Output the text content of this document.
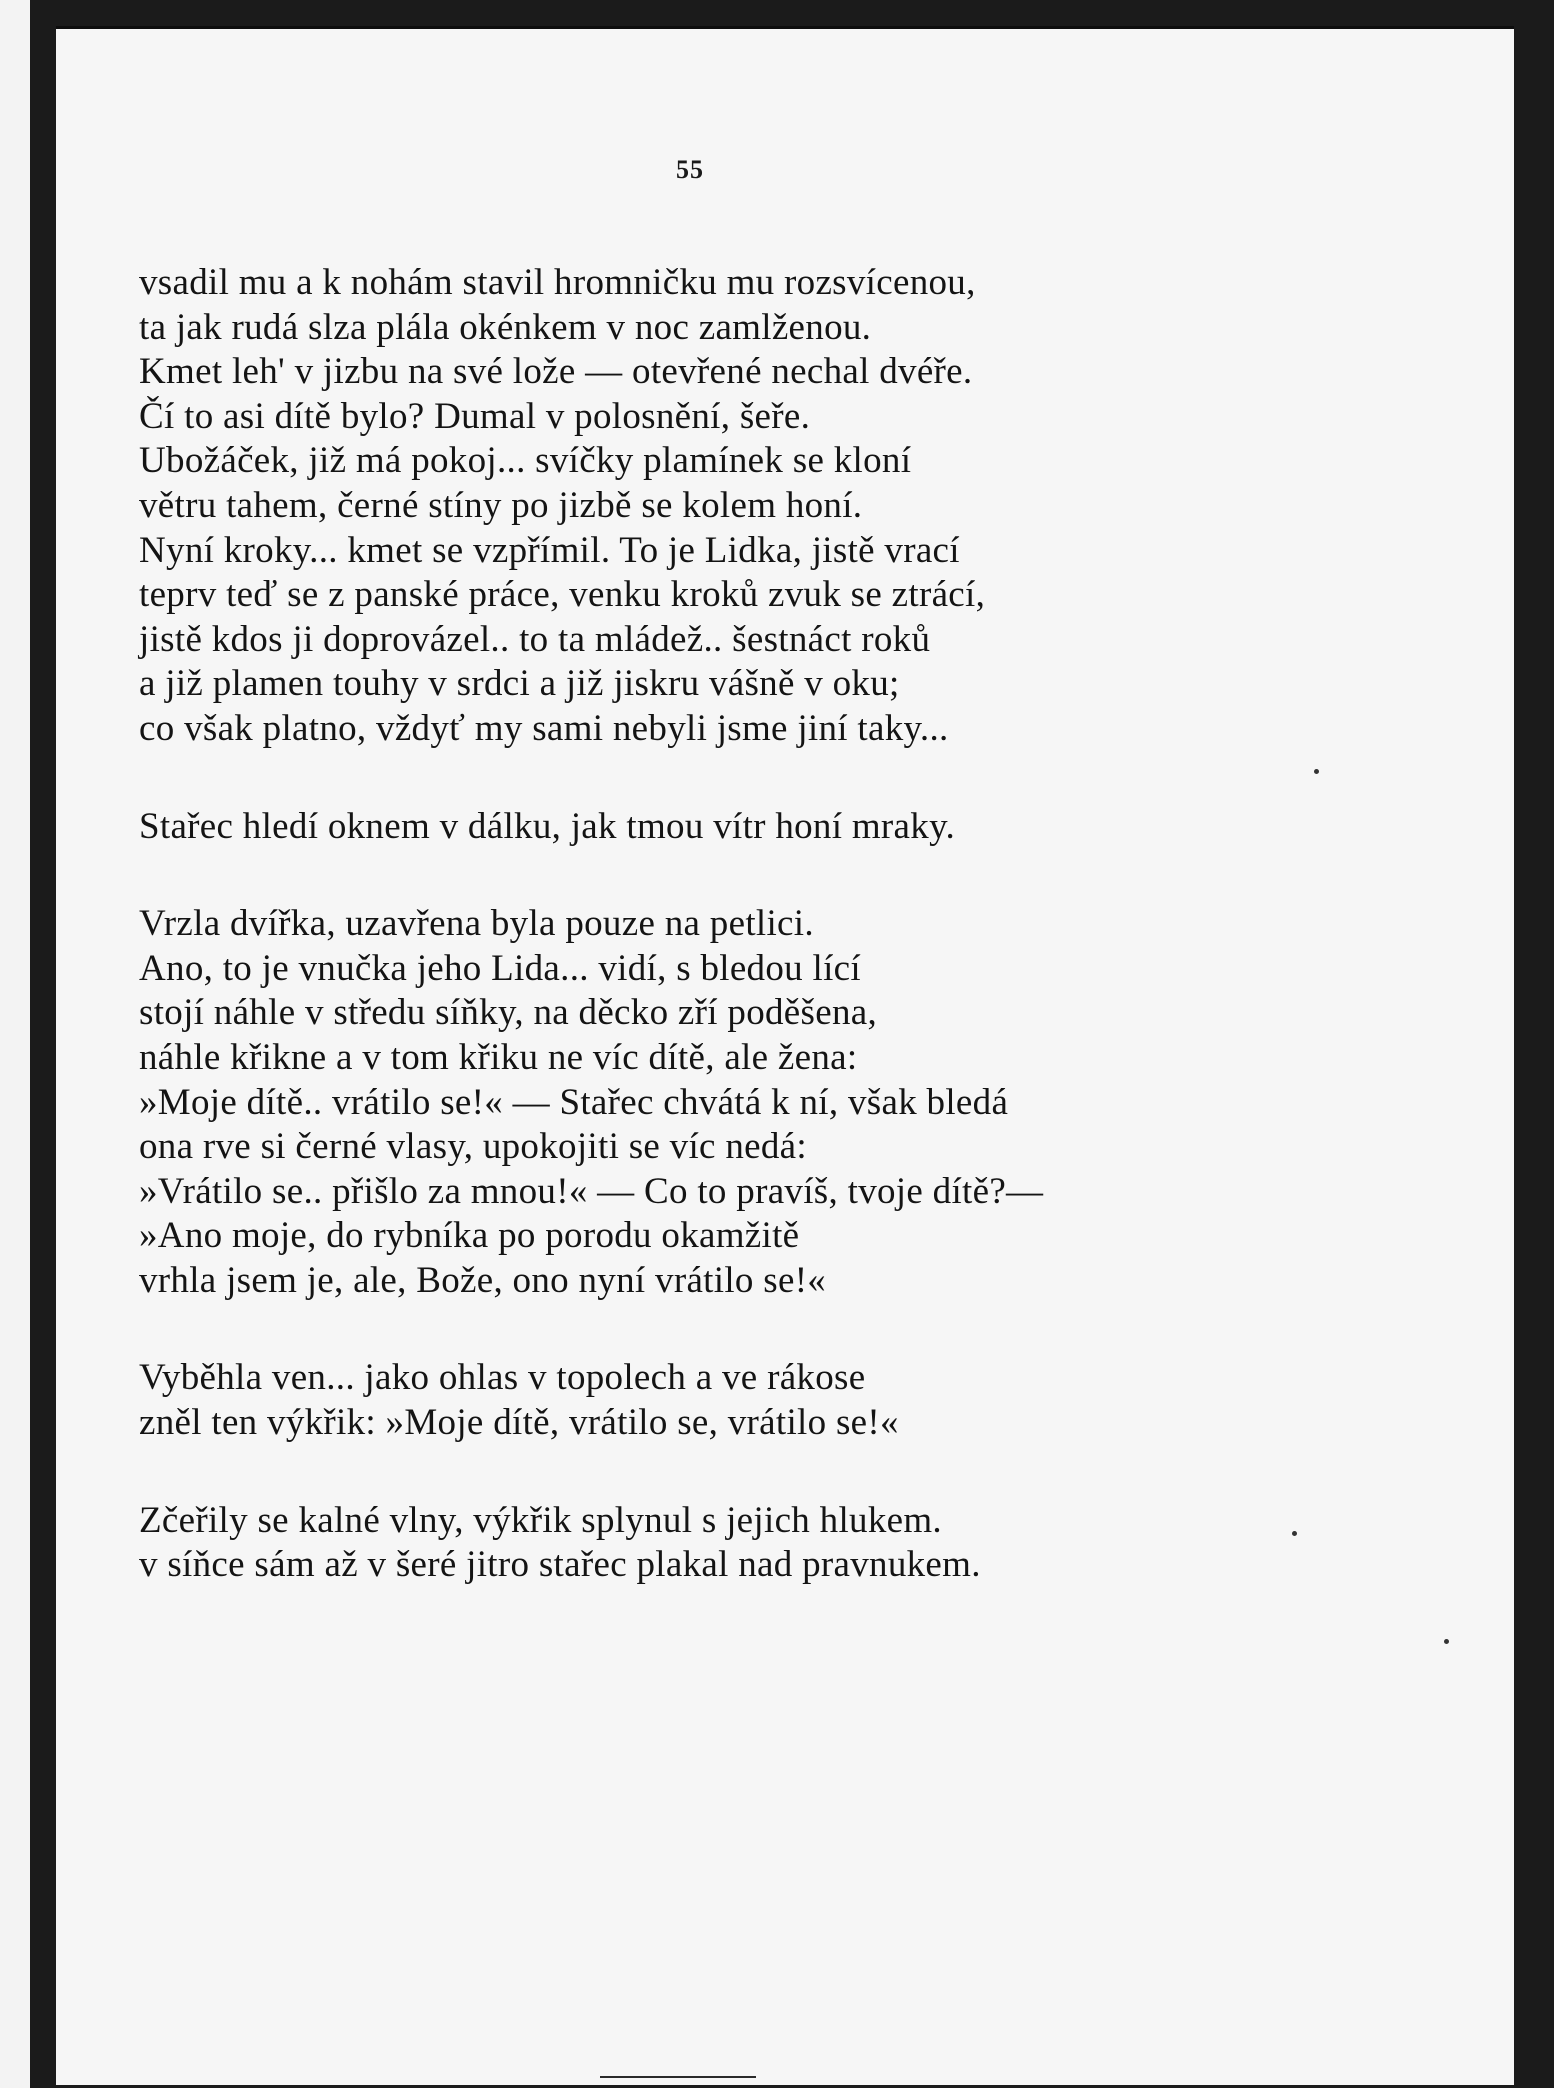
55
vsadil mu a k nohám stavil hromničku mu rozsvícenou,
ta jak rudá slza plála okénkem v noc zamlženou.
Kmet leh' v jizbu na své lože — otevřené nechal dvéře.
Čí to asi dítě bylo? Dumal v polosnění, šeře.
Ubožáček, již má pokoj... svíčky plamínek se kloní
větru tahem, černé stíny po jizbě se kolem honí.
Nyní kroky... kmet se vzpřímil. To je Lidka, jistě vrací
teprv teď se z panské práce, venku kroků zvuk se ztrácí,
jistě kdos ji doprovázel.. to ta mládež.. šestnáct roků
a již plamen touhy v srdci a již jiskru vášně v oku;
co však platno, vždyť my sami nebyli jsme jiní taky...
Stařec hledí oknem v dálku, jak tmou vítr honí mraky.
Vrzla dvířka, uzavřena byla pouze na petlici.
Ano, to je vnučka jeho Lida... vidí, s bledou lící
stojí náhle v středu síňky, na děcko zří poděšena,
náhle křikne a v tom křiku ne víc dítě, ale žena:
»Moje dítě.. vrátilo se!« — Stařec chvátá k ní, však bledá
ona rve si černé vlasy, upokojiti se víc nedá:
»Vrátilo se.. přišlo za mnou!« — Co to pravíš, tvoje dítě?—
»Ano moje, do rybníka po porodu okamžitě
vrhla jsem je, ale, Bože, ono nyní vrátilo se!«
Vyběhla ven... jako ohlas v topolech a ve rákose
zněl ten výkřik: »Moje dítě, vrátilo se, vrátilo se!«
Zčeřily se kalné vlny, výkřik splynul s jejich hlukem.
v síňce sám až v šeré jitro stařec plakal nad pravnukem.
